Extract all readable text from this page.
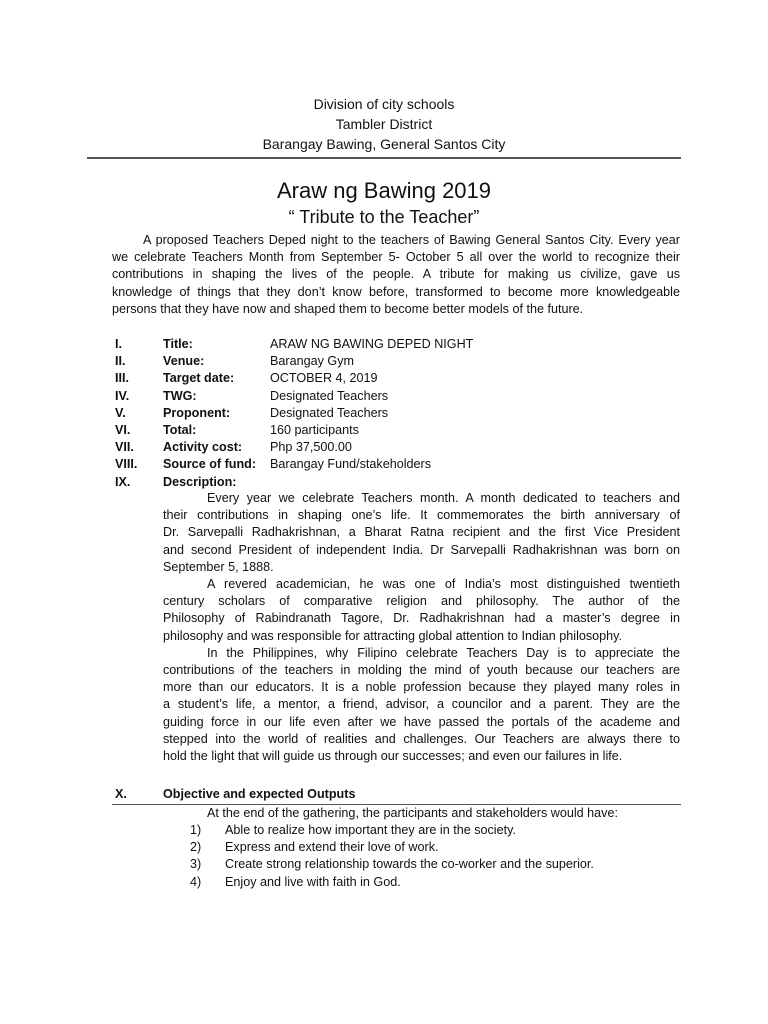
Division of city schools
Tambler District
Barangay Bawing, General Santos City
Araw ng Bawing 2019
“ Tribute to the Teacher”
A proposed Teachers Deped night to the teachers of Bawing General Santos City. Every year
we celebrate Teachers Month from September 5- October 5 all over the world to recognize their
contributions in shaping the lives of the people. A tribute for making us civilize, gave us
knowledge of things that they don’t know before, transformed to become more knowledgeable
persons that they have now and shaped them to become better models of the future.
I.	Title:	ARAW NG BAWING DEPED NIGHT
II.	Venue:	Barangay Gym
III.	Target date:	OCTOBER 4, 2019
IV.	TWG:	Designated Teachers
V.	Proponent:	Designated Teachers
VI.	Total:	160 participants
VII. Activity cost: Php 37,500.00
VIII. Source of fund: Barangay Fund/stakeholders
IX.	Description:
Every year we celebrate Teachers month. A month dedicated to teachers and
their contributions in shaping one’s life. It commemorates the birth anniversary of
Dr. Sarvepalli Radhakrishnan, a Bharat Ratna recipient and the first Vice President
and second President of independent India. Dr Sarvepalli Radhakrishnan was born on
September 5, 1888.
A revered academician, he was one of India’s most distinguished twentieth
century scholars of comparative religion and philosophy. The author of the
Philosophy of Rabindranath Tagore, Dr. Radhakrishnan had a master’s degree in
philosophy and was responsible for attracting global attention to Indian philosophy.
In the Philippines, why Filipino celebrate Teachers Day is to appreciate the
contributions of the teachers in molding the mind of youth because our teachers are
more than our educators. It is a noble profession because they played many roles in
a student’s life, a mentor, a friend, advisor, a councilor and a parent. They are the
guiding force in our life even after we have passed the portals of the academe and
stepped into the world of realities and challenges. Our Teachers are always there to
hold the light that will guide us through our successes; and even our failures in life.
X.	Objective and expected Outputs
At the end of the gathering, the participants and stakeholders would have:
1) Able to realize how important they are in the society.
2) Express and extend their love of work.
3) Create strong relationship towards the co-worker and the superior.
4) Enjoy and live with faith in God.
